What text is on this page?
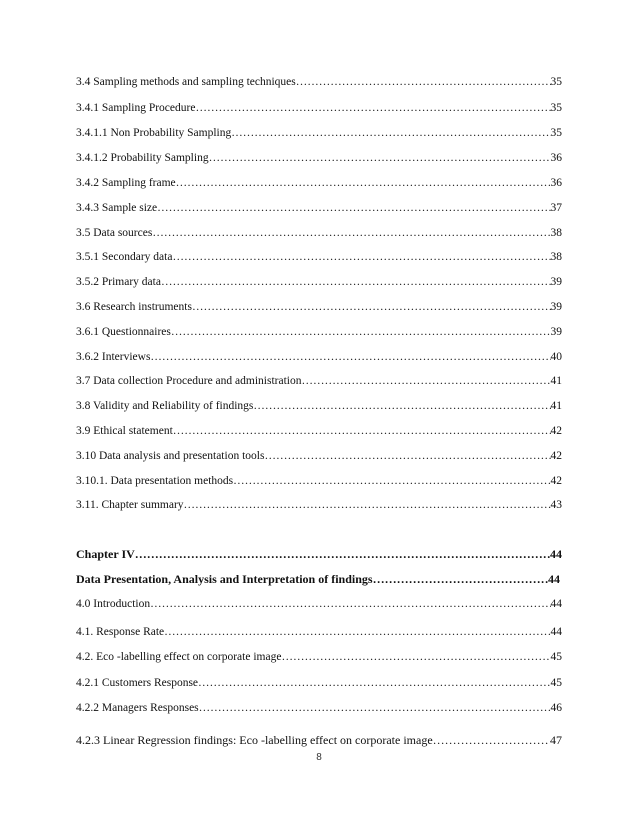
3.4 Sampling methods and sampling techniques ………………………………………………………………………………………………………………………………………………………………………………………………	35
3.4.1 Sampling Procedure ………………………………………………………………………………………………………………………………………………………………………………………………	35
3.4.1.1 Non Probability Sampling ………………………………………………………………………………………………………………………………………………………………………………………………	35
3.4.1.2 Probability Sampling ………………………………………………………………………………………………………………………………………………………………………………………………	36
3.4.2 Sampling frame ………………………………………………………………………………………………………………………………………………………………………………………………	36
3.4.3 Sample size ………………………………………………………………………………………………………………………………………………………………………………………………	37
3.5 Data sources ………………………………………………………………………………………………………………………………………………………………………………………………	38
3.5.1 Secondary data ………………………………………………………………………………………………………………………………………………………………………………………………	38
3.5.2 Primary data ………………………………………………………………………………………………………………………………………………………………………………………………	39
3.6 Research instruments ………………………………………………………………………………………………………………………………………………………………………………………………	39
3.6.1 Questionnaires ………………………………………………………………………………………………………………………………………………………………………………………………	39
3.6.2 Interviews ………………………………………………………………………………………………………………………………………………………………………………………………	40
3.7 Data collection Procedure and administration ………………………………………………………………………………………………………………………………………………………………………………………………	41
3.8 Validity and Reliability of findings ………………………………………………………………………………………………………………………………………………………………………………………………	41
3.9 Ethical statement ………………………………………………………………………………………………………………………………………………………………………………………………	42
3.10 Data analysis and presentation tools ………………………………………………………………………………………………………………………………………………………………………………………………	42
3.10.1. Data presentation methods ………………………………………………………………………………………………………………………………………………………………………………………………	42
3.11. Chapter summary ………………………………………………………………………………………………………………………………………………………………………………………………	43
Chapter IV ………………………………………………………………………………………………………………………………………………………………………………………………	44
Data Presentation, Analysis and Interpretation of findings ………………………………………………………………………………………………………………………………………………………………………………………………	44
4.0 Introduction ………………………………………………………………………………………………………………………………………………………………………………………………	44
4.1. Response Rate ………………………………………………………………………………………………………………………………………………………………………………………………	44
4.2. Eco -labelling effect on corporate image ………………………………………………………………………………………………………………………………………………………………………………………………	45
4.2.1 Customers Response ………………………………………………………………………………………………………………………………………………………………………………………………	45
4.2.2 Managers Responses ………………………………………………………………………………………………………………………………………………………………………………………………	46
4.2.3 Linear Regression findings: Eco -labelling effect on corporate image ………………………………………………………………………………………………………………………………………………………………………………………………	47
8
